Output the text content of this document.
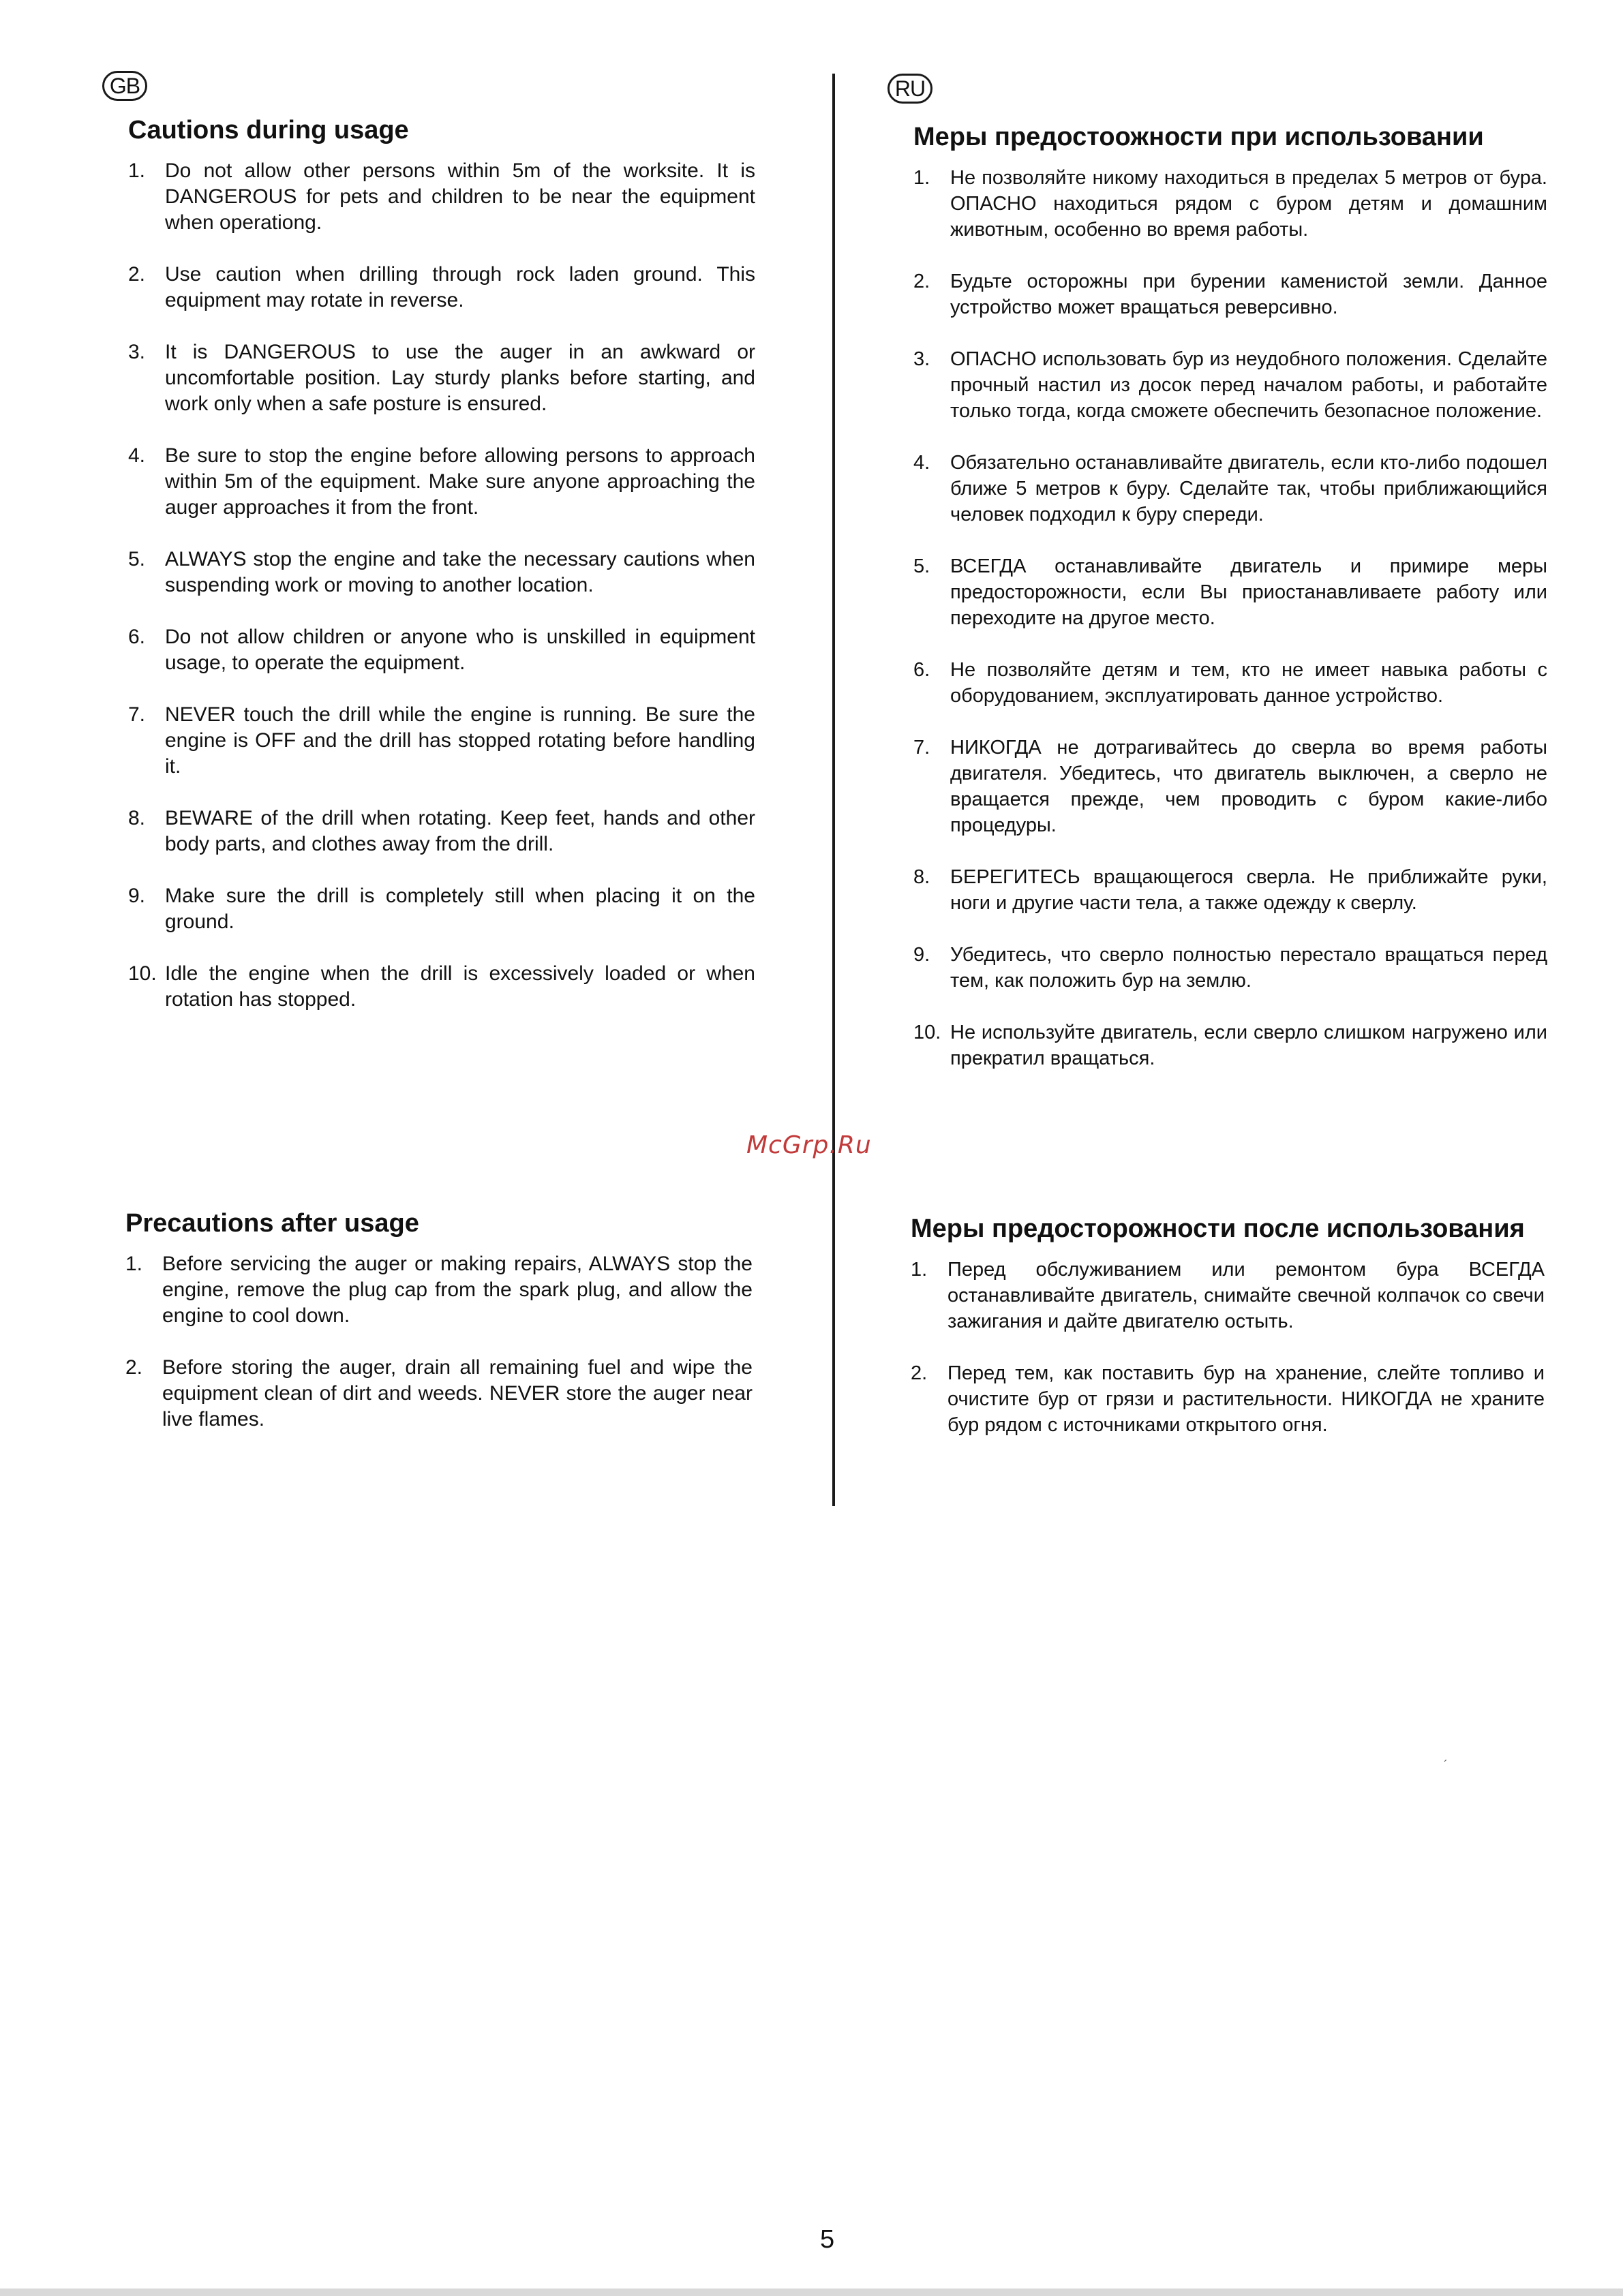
GB	RU
Cautions during usage
1. Do not allow other persons within 5m of the worksite. It is DANGEROUS for pets and children to be near the equipment when operationg.
2. Use caution when drilling through rock laden ground. This equipment may rotate in reverse.
3. It is DANGEROUS to use the auger in an awkward or uncomfortable position. Lay sturdy planks before starting, and work only when a safe posture is ensured.
4. Be sure to stop the engine before allowing persons to approach within 5m of the equipment. Make sure anyone approaching the auger approaches it from the front.
5. ALWAYS stop the engine and take the necessary cautions when suspending work or moving to another location.
6. Do not allow children or anyone who is unskilled in equipment usage, to operate the equipment.
7. NEVER touch the drill while the engine is running. Be sure the engine is OFF and the drill has stopped rotating before handling it.
8. BEWARE of the drill when rotating. Keep feet, hands and other body parts, and clothes away from the drill.
9. Make sure the drill is completely still when placing it on the ground.
10. Idle the engine when the drill is excessively loaded or when rotation has stopped.
Precautions after usage
1. Before servicing the auger or making repairs, ALWAYS stop the engine, remove the plug cap from the spark plug, and allow the engine to cool down.
2. Before storing the auger, drain all remaining fuel and wipe the equipment clean of dirt and weeds. NEVER store the auger near live flames.
Меры предостоожности при использовании
1.	Не позволяйте никому находиться в пределах 5 метров от бура. ОПАСНО находиться рядом с буром детям и домашним животным, особенно во время работы.
2.	Будьте осторожны при бурении каменистой земли. Данное устройство может вращаться реверсивно.
3.	ОПАСНО использовать бур из неудобного положения. Сделайте прочный настил из досок перед началом работы, и работайте только тогда, когда сможете обеспечить безопасное положение.
4.	Обязательно останавливайте двигатель, если кто-либо подошел ближе 5 метров к буру. Сделайте так, чтобы приближающийся человек подходил к буру спереди.
5.	ВСЕГДА останавливайте двигатель и примире меры предосторожности, если Вы приостанавливаете работу или переходите на другое место.
6.	Не позволяйте детям и тем, кто не имеет навыка работы с оборудованием, эксплуатировать данное устройство.
7.	НИКОГДА не дотрагивайтесь до сверла во время работы двигателя. Убедитесь, что двигатель выключен, а сверло не вращается прежде, чем проводить с буром какие-либо процедуры.
8.	БЕРЕГИТЕСЬ вращающегося сверла. Не приближайте руки, ноги и другие части тела, а также одежду к сверлу.
9.	Убедитесь, что сверло полностью перестало вращаться перед тем, как положить бур на землю.
10. Не используйте двигатель, если сверло слишком нагружено или прекратил вращаться.
Меры предосторожности после использования
1.	Перед обслуживанием или ремонтом бура ВСЕГДА останавливайте двигатель, снимайте свечной колпачок со свечи зажигания и дайте двигателю остыть.
2.	Перед тем, как поставить бур на хранение, слейте топливо и очистите бур от грязи и растительности. НИКОГДА не храните бур рядом с источниками открытого огня.
McGrp.Ru
´
5
